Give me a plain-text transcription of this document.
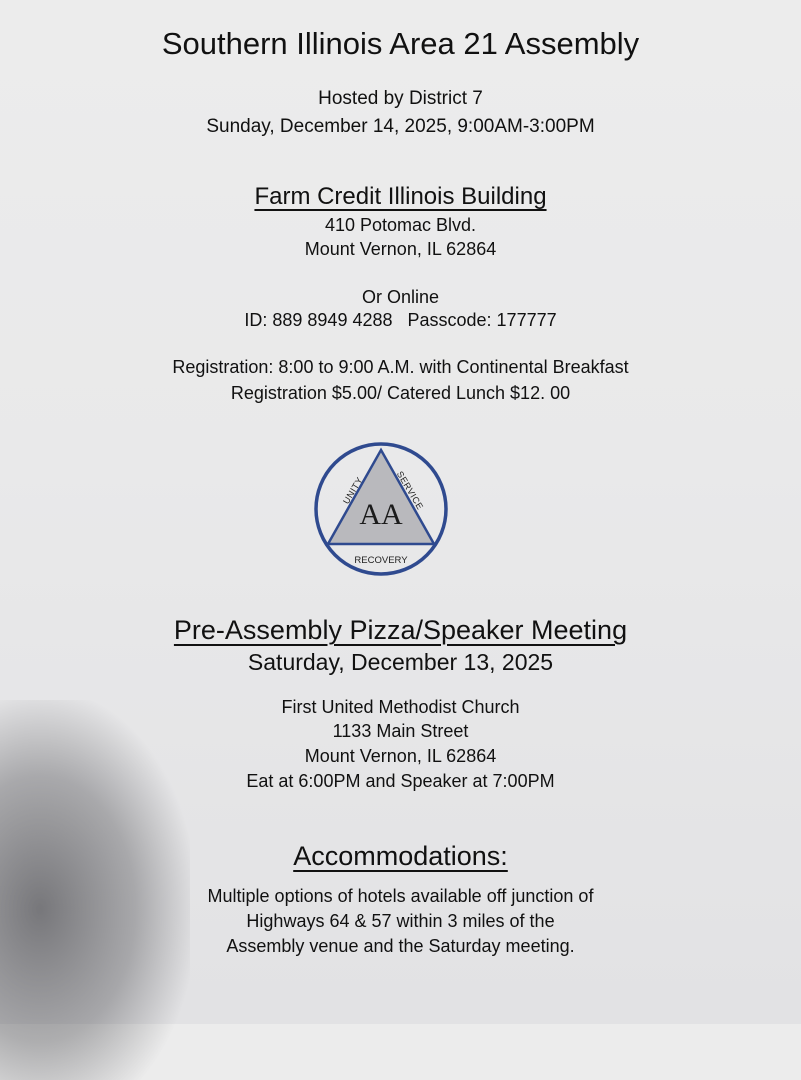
Southern Illinois Area 21 Assembly
Hosted by District 7
Sunday, December 14, 2025, 9:00AM-3:00PM
Farm Credit Illinois Building
410 Potomac Blvd.
Mount Vernon, IL 62864
Or Online
ID: 889 8949 4288   Passcode: 177777
Registration: 8:00 to 9:00 A.M. with Continental Breakfast
Registration $5.00/ Catered Lunch $12. 00
AA
UNITY
SERVICE
RECOVERY
Pre-Assembly Pizza/Speaker Meeting
Saturday, December 13, 2025
First United Methodist Church
1133 Main Street
Mount Vernon, IL 62864
Eat at 6:00PM and Speaker at 7:00PM
Accommodations:
Multiple options of hotels available off junction of
Highways 64 & 57 within 3 miles of the
Assembly venue and the Saturday meeting.
